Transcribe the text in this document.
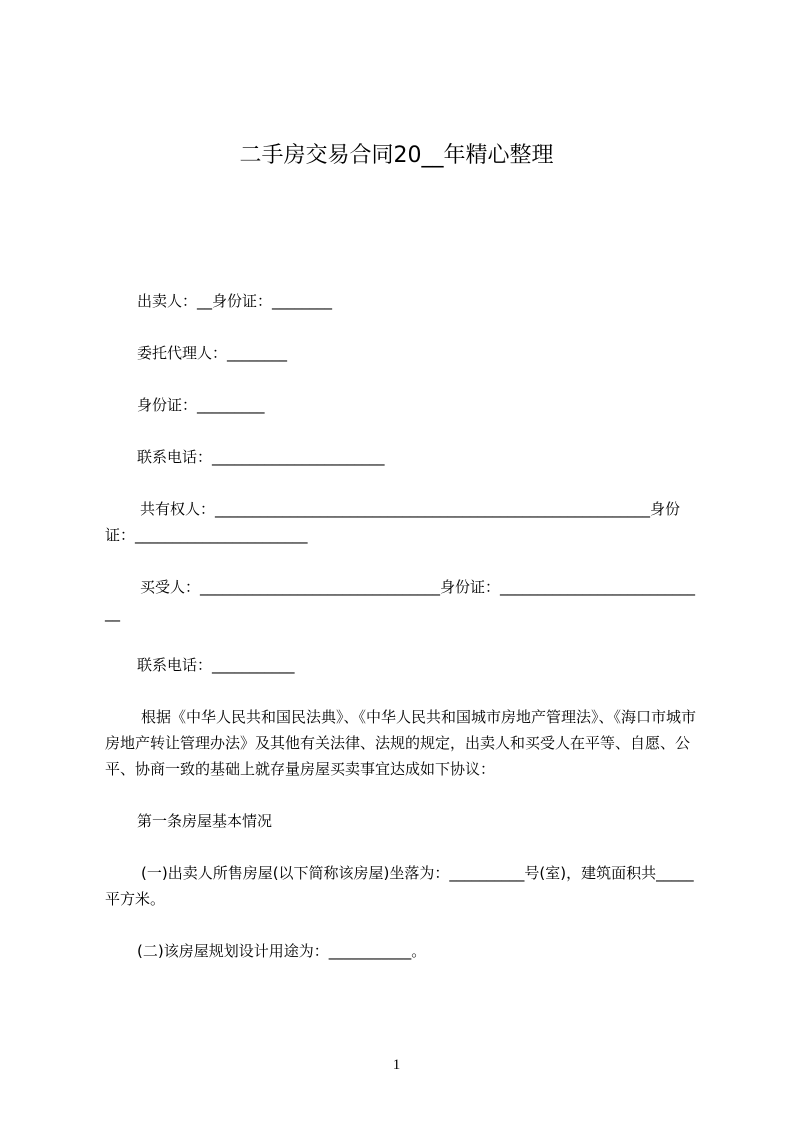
二手房交易合同20__年精心整理

出卖人：__身份证：________

委托代理人：________

身份证：_________

联系电话：_______________________

共有权人：__________________________________________________________身份证：_______________________

买受人：________________________________身份证：____________________________

联系电话：___________

根据《中华人民共和国民法典》、《中华人民共和国城市房地产管理法》、《海口市城市房地产转让管理办法》及其他有关法律、法规的规定，出卖人和买受人在平等、自愿、公平、协商一致的基础上就存量房屋买卖事宜达成如下协议：

第一条房屋基本情况

(一)出卖人所售房屋(以下简称该房屋)坐落为：__________号(室)，建筑面积共_____平方米。

(二)该房屋规划设计用途为：___________。

1
